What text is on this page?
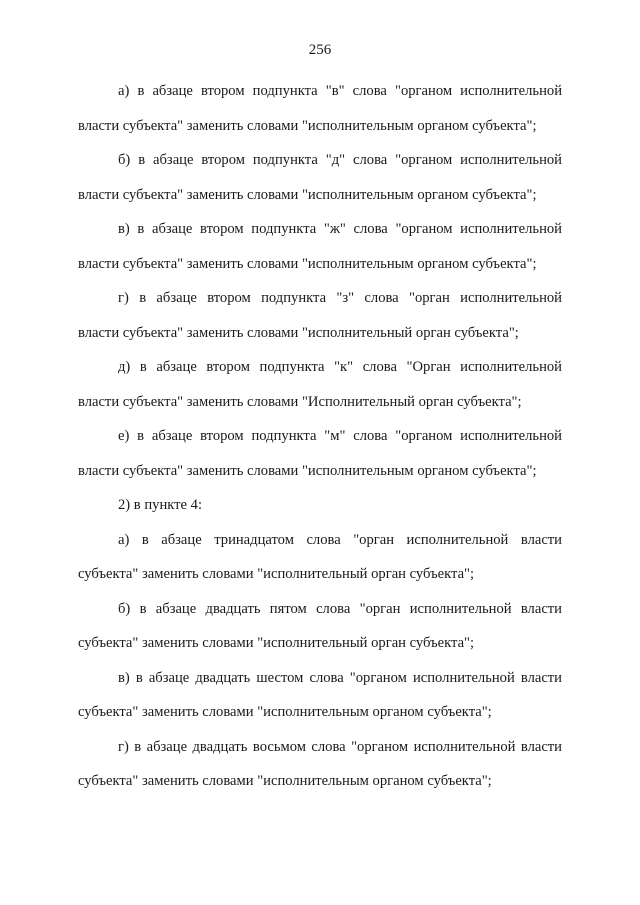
256

а) в абзаце втором подпункта "в" слова "органом исполнительной
власти субъекта" заменить словами "исполнительным органом субъекта";

б) в абзаце втором подпункта "д" слова "органом исполнительной
власти субъекта" заменить словами "исполнительным органом субъекта";

в) в абзаце втором подпункта "ж" слова "органом исполнительной
власти субъекта" заменить словами "исполнительным органом субъекта";

г) в абзаце втором подпункта "з" слова "орган исполнительной
власти субъекта" заменить словами "исполнительный орган субъекта";

д) в абзаце втором подпункта "к" слова "Орган исполнительной
власти субъекта" заменить словами "Исполнительный орган субъекта";

е) в абзаце втором подпункта "м" слова "органом исполнительной
власти субъекта" заменить словами "исполнительным органом субъекта";

2) в пункте 4:

а) в абзаце тринадцатом слова "орган исполнительной власти
субъекта" заменить словами "исполнительный орган субъекта";

б) в абзаце двадцать пятом слова "орган исполнительной власти
субъекта" заменить словами "исполнительный орган субъекта";

в) в абзаце двадцать шестом слова "органом исполнительной власти
субъекта" заменить словами "исполнительным органом субъекта";

г) в абзаце двадцать восьмом слова "органом исполнительной власти
субъекта" заменить словами "исполнительным органом субъекта";
